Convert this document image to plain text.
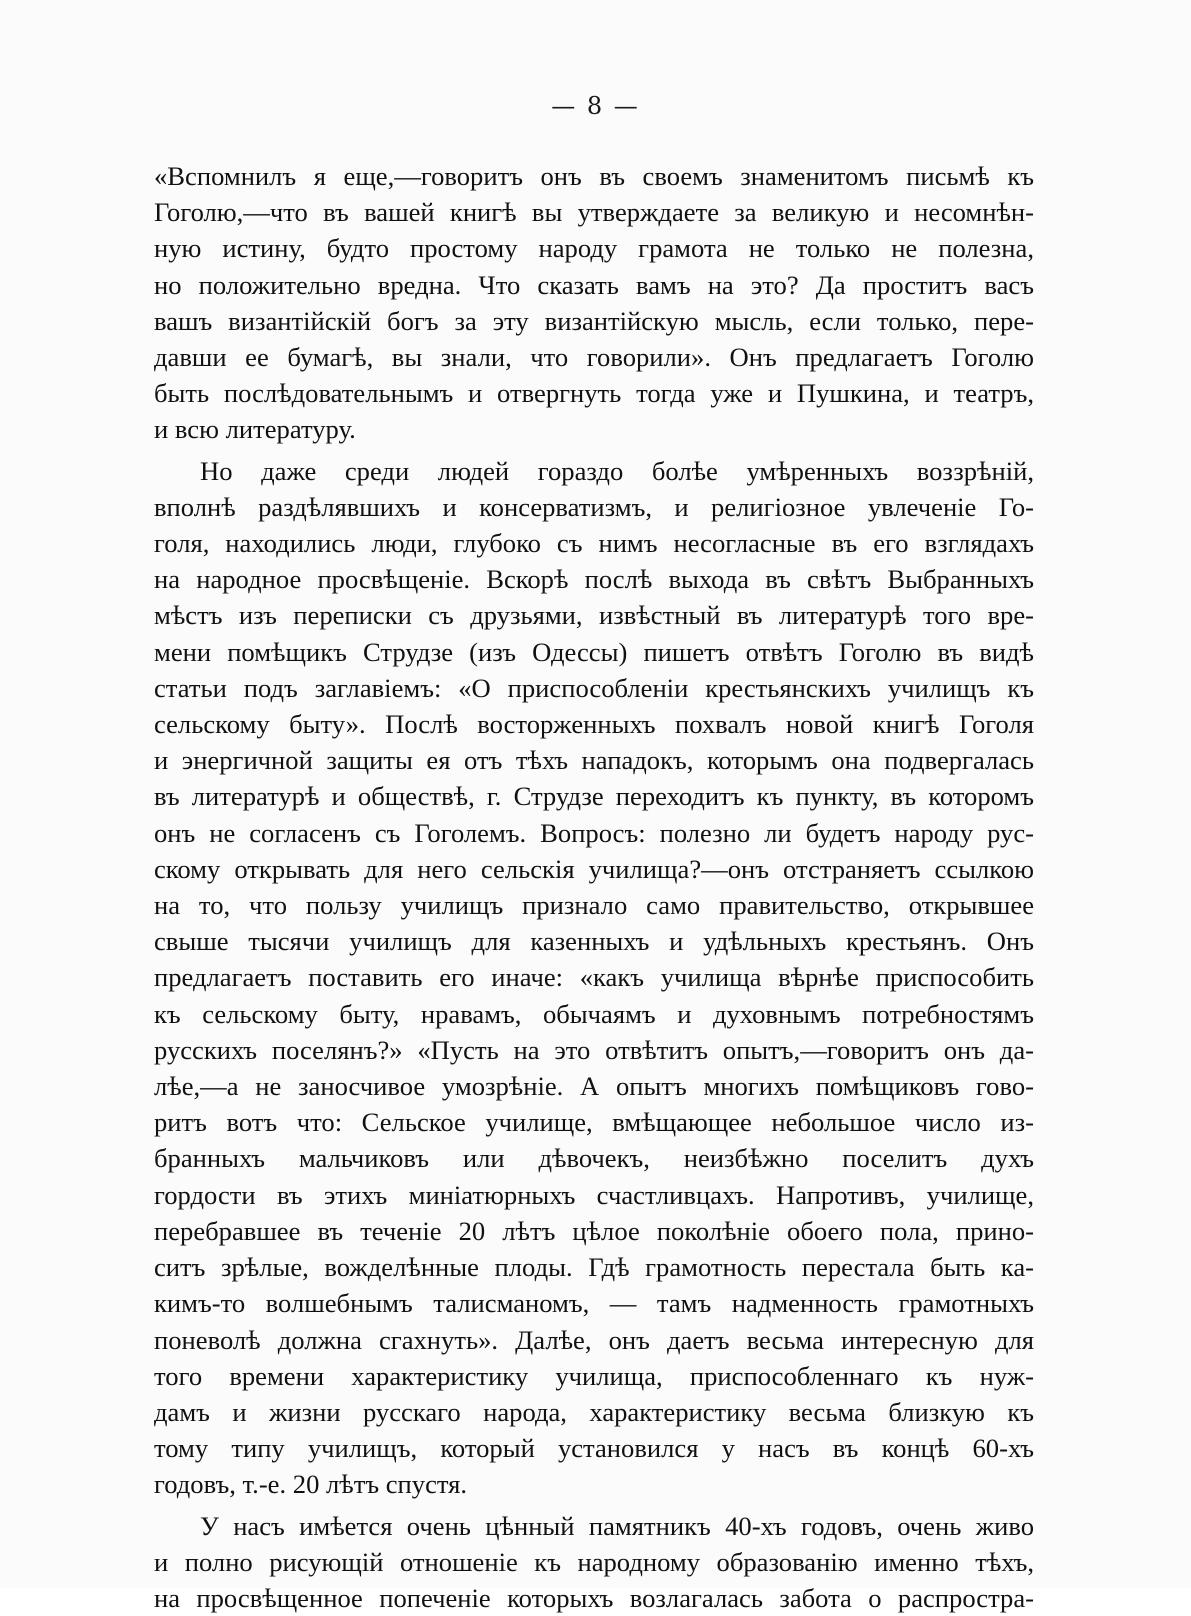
— 8 —

«Вспомнилъ я еще,—говоритъ онъ въ своемъ знаменитомъ письмѣ къ
Гоголю,—что въ вашей книгѣ вы утверждаете за великую и несомнѣн-
ную истину, будто простому народу грамота не только не полезна,
но положительно вредна. Что сказать вамъ на это? Да проститъ васъ
вашъ византійскій богъ за эту византійскую мысль, если только, пере-
давши ее бумагѣ, вы знали, что говорили». Онъ предлагаетъ Гоголю
быть послѣдовательнымъ и отвергнуть тогда уже и Пушкина, и театръ,
и всю литературу.

Но даже среди людей гораздо болѣе умѣренныхъ воззрѣній,
вполнѣ раздѣлявшихъ и консерватизмъ, и религіозное увлеченіе Го-
голя, находились люди, глубоко съ нимъ несогласные въ его взглядахъ
на народное просвѣщеніе. Вскорѣ послѣ выхода въ свѣтъ Выбранныхъ
мѣстъ изъ переписки съ друзьями, извѣстный въ литературѣ того вре-
мени помѣщикъ Струдзе (изъ Одессы) пишетъ отвѣтъ Гоголю въ видѣ
статьи подъ заглавіемъ: «О приспособленіи крестьянскихъ училищъ къ
сельскому быту». Послѣ восторженныхъ похвалъ новой книгѣ Гоголя
и энергичной защиты ея отъ тѣхъ нападокъ, которымъ она подвергалась
въ литературѣ и обществѣ, г. Струдзе переходитъ къ пункту, въ которомъ
онъ не согласенъ съ Гоголемъ. Вопросъ: полезно ли будетъ народу рус-
скому открывать для него сельскія училища?—онъ отстраняетъ ссылкою
на то, что пользу училищъ признало само правительство, открывшее
свыше тысячи училищъ для казенныхъ и удѣльныхъ крестьянъ. Онъ
предлагаетъ поставить его иначе: «какъ училища вѣрнѣе приспособить
къ сельскому быту, нравамъ, обычаямъ и духовнымъ потребностямъ
русскихъ поселянъ?» «Пусть на это отвѣтитъ опытъ,—говоритъ онъ да-
лѣе,—а не заносчивое умозрѣніе. А опытъ многихъ помѣщиковъ гово-
ритъ вотъ что: Сельское училище, вмѣщающее небольшое число из-
бранныхъ мальчиковъ или дѣвочекъ, неизбѣжно поселитъ духъ
гордости въ этихъ миніатюрныхъ счастливцахъ. Напротивъ, училище,
перебравшее въ теченіе 20 лѣтъ цѣлое поколѣніе обоего пола, прино-
ситъ зрѣлые, вожделѣнные плоды. Гдѣ грамотность перестала быть ка-
кимъ-то волшебнымъ талисманомъ, — тамъ надменность грамотныхъ
поневолѣ должна сгахнуть». Далѣе, онъ даетъ весьма интересную для
того времени характеристику училища, приспособленнаго къ нуж-
дамъ и жизни русскаго народа, характеристику весьма близкую къ
тому типу училищъ, который установился у насъ въ концѣ 60-хъ
годовъ, т.-е. 20 лѣтъ спустя.

У насъ имѣется очень цѣнный памятникъ 40-хъ годовъ, очень живо
и полно рисующій отношеніе къ народному образованію именно тѣхъ,
на просвѣщенное попеченіе которыхъ возлагалась забота о распростра-
